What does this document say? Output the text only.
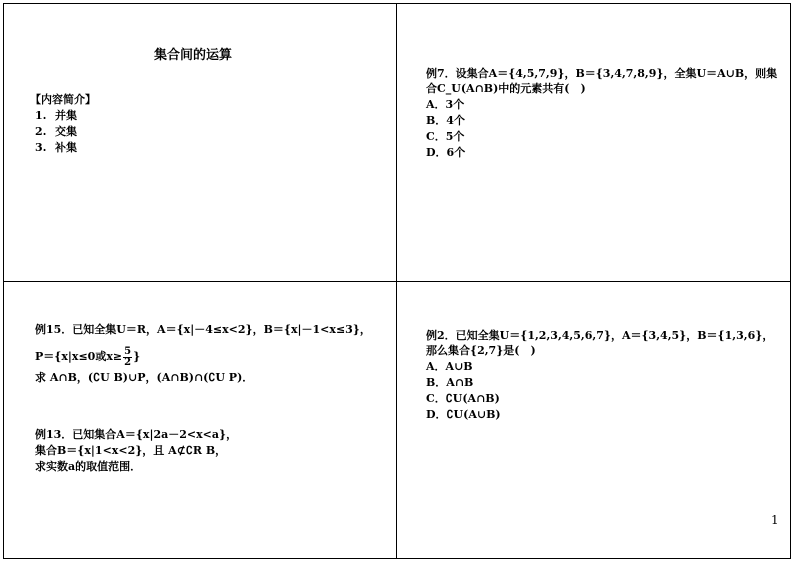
集合间的运算
【内容简介】
1. 并集
2. 交集
3. 补集
例7．设集合A＝{4,5,7,9}，B＝{3,4,7,8,9}，全集U＝A∪B，则集
合C_U(A∩B)中的元素共有(　)
A．3个
B．4个
C．5个
D．6个
例15．已知全集U＝R，A＝{x|－4≤x<2}，B＝{x|－1<x≤3}，
P＝{x|x≤0或$x\ge \frac{5}{2}$ }
求 A∩B，(∁U B)∪P，(A∩B)∩(∁U P)．
例13．已知集合A＝{x|2a－2<x<a}，
集合B＝{x|1<x<2}，且 A⊄∁R B，
求实数a的取值范围．
例2．已知全集U＝{1,2,3,4,5,6,7}，A＝{3,4,5}，B＝{1,3,6}，
那么集合{2,7}是(　)
A．A∪B
B．A∩B
C．∁U(A∩B)
D．∁U(A∪B)
1
